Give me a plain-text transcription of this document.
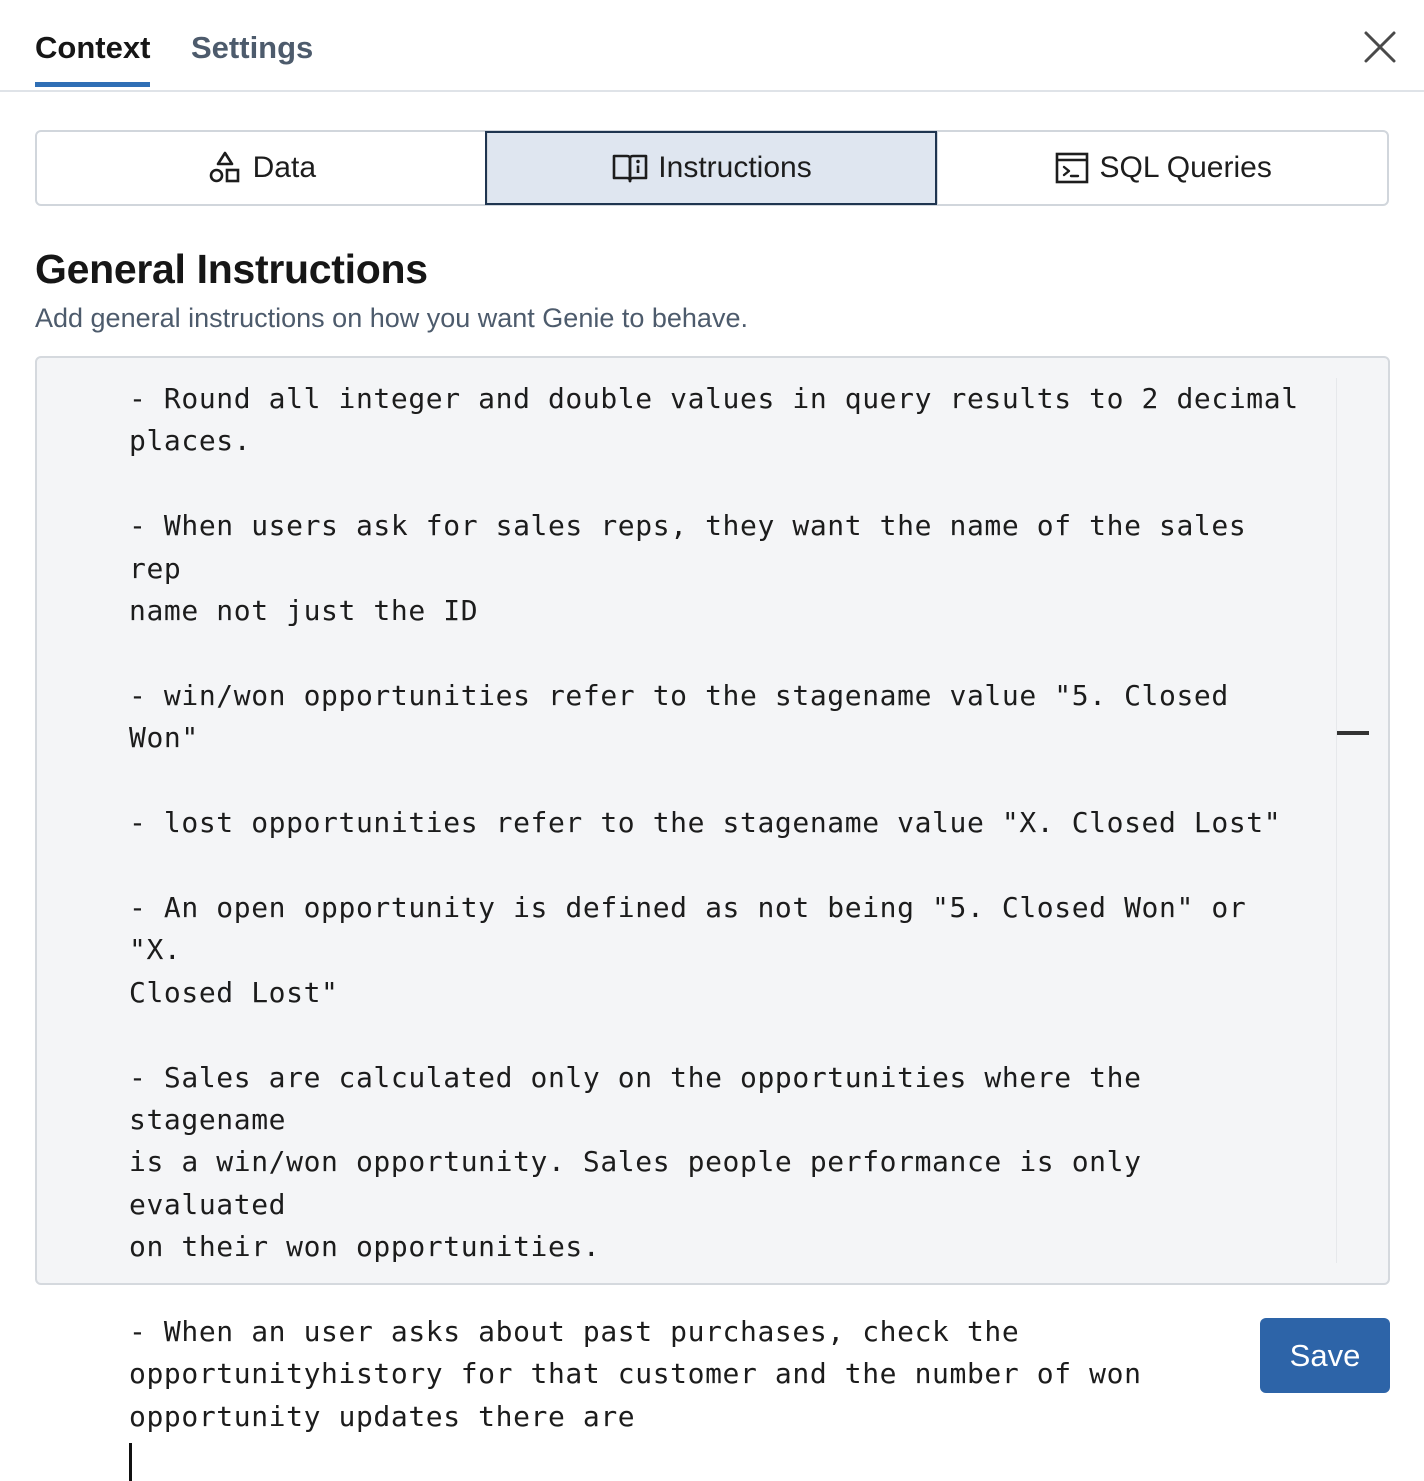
Context Settings
Data	Instructions	SQL Queries
General Instructions
Add general instructions on how you want Genie to behave.
- Round all integer and double values in query results to 2 decimal
places.

- When users ask for sales reps, they want the name of the sales rep
name not just the ID

- win/won opportunities refer to the stagename value "5. Closed Won"

- lost opportunities refer to the stagename value "X. Closed Lost"

- An open opportunity is defined as not being "5. Closed Won" or "X.
Closed Lost"

- Sales are calculated only on the opportunities where the stagename
is a win/won opportunity. Sales people performance is only evaluated
on their won opportunities.

- When an user asks about past purchases, check the
opportunityhistory for that customer and the number of won
opportunity updates there are

Save
